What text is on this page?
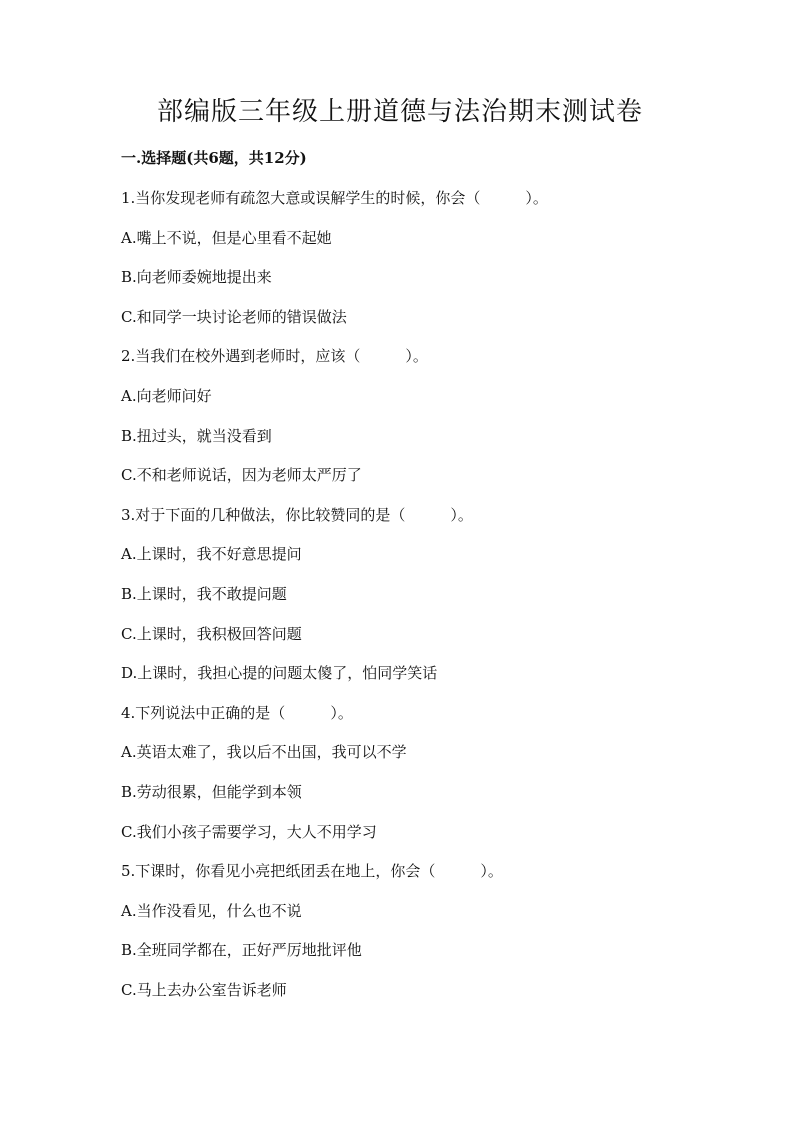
部编版三年级上册道德与法治期末测试卷
一.选择题(共6题，共12分)
1.当你发现老师有疏忽大意或误解学生的时候，你会（　　　）。
A.嘴上不说，但是心里看不起她
B.向老师委婉地提出来
C.和同学一块讨论老师的错误做法
2.当我们在校外遇到老师时，应该（　　　）。
A.向老师问好
B.扭过头，就当没看到
C.不和老师说话，因为老师太严厉了
3.对于下面的几种做法，你比较赞同的是（　　　）。
A.上课时，我不好意思提问
B.上课时，我不敢提问题
C.上课时，我积极回答问题
D.上课时，我担心提的问题太傻了，怕同学笑话
4.下列说法中正确的是（　　　）。
A.英语太难了，我以后不出国，我可以不学
B.劳动很累，但能学到本领
C.我们小孩子需要学习，大人不用学习
5.下课时，你看见小亮把纸团丢在地上，你会（　　　）。
A.当作没看见，什么也不说
B.全班同学都在，正好严厉地批评他
C.马上去办公室告诉老师
